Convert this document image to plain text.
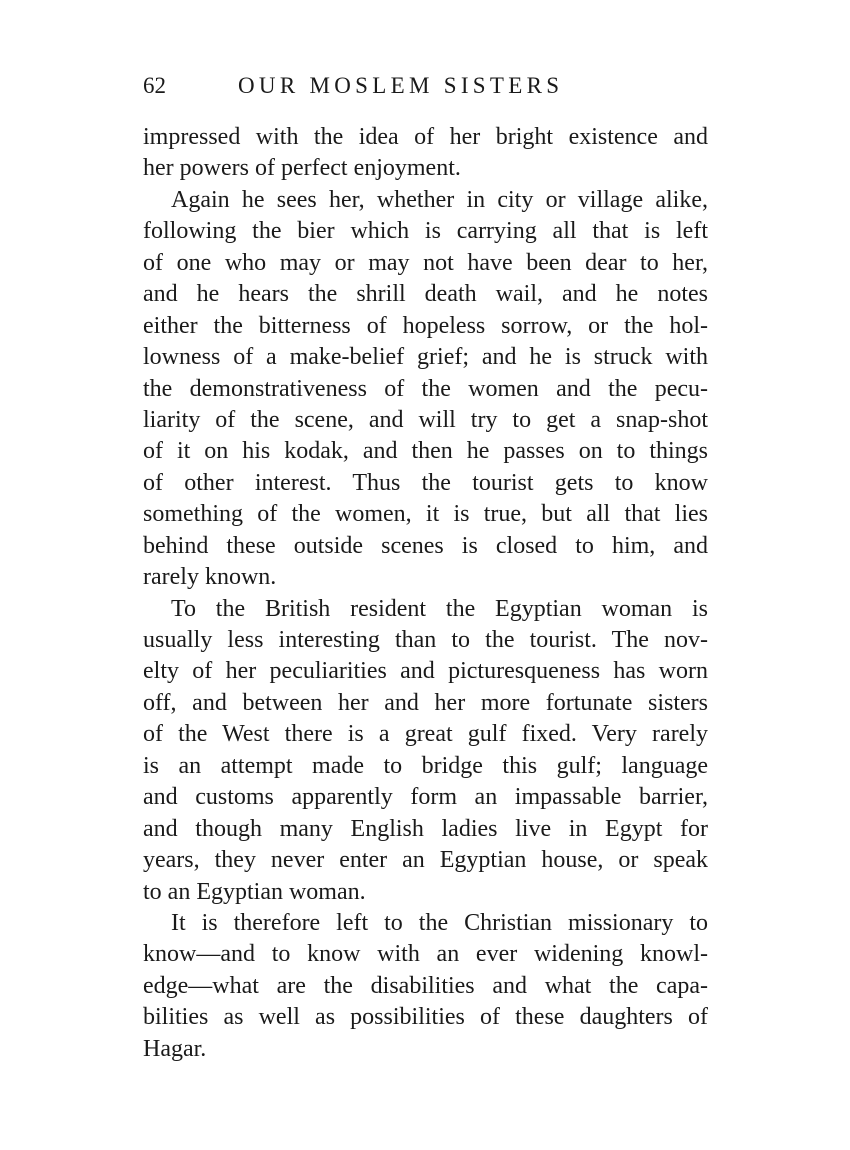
62	OUR MOSLEM SISTERS
impressed with the idea of her bright existence and
her powers of perfect enjoyment.
Again he sees her, whether in city or village alike,
following the bier which is carrying all that is left
of one who may or may not have been dear to her,
and he hears the shrill death wail, and he notes
either the bitterness of hopeless sorrow, or the hol-
lowness of a make-belief grief; and he is struck with
the demonstrativeness of the women and the pecu-
liarity of the scene, and will try to get a snap-shot
of it on his kodak, and then he passes on to things
of other interest. Thus the tourist gets to know
something of the women, it is true, but all that lies
behind these outside scenes is closed to him, and
rarely known.
To the British resident the Egyptian woman is
usually less interesting than to the tourist. The nov-
elty of her peculiarities and picturesqueness has worn
off, and between her and her more fortunate sisters
of the West there is a great gulf fixed. Very rarely
is an attempt made to bridge this gulf; language
and customs apparently form an impassable barrier,
and though many English ladies live in Egypt for
years, they never enter an Egyptian house, or speak
to an Egyptian woman.
It is therefore left to the Christian missionary to
know—and to know with an ever widening knowl-
edge—what are the disabilities and what the capa-
bilities as well as possibilities of these daughters of
Hagar.
